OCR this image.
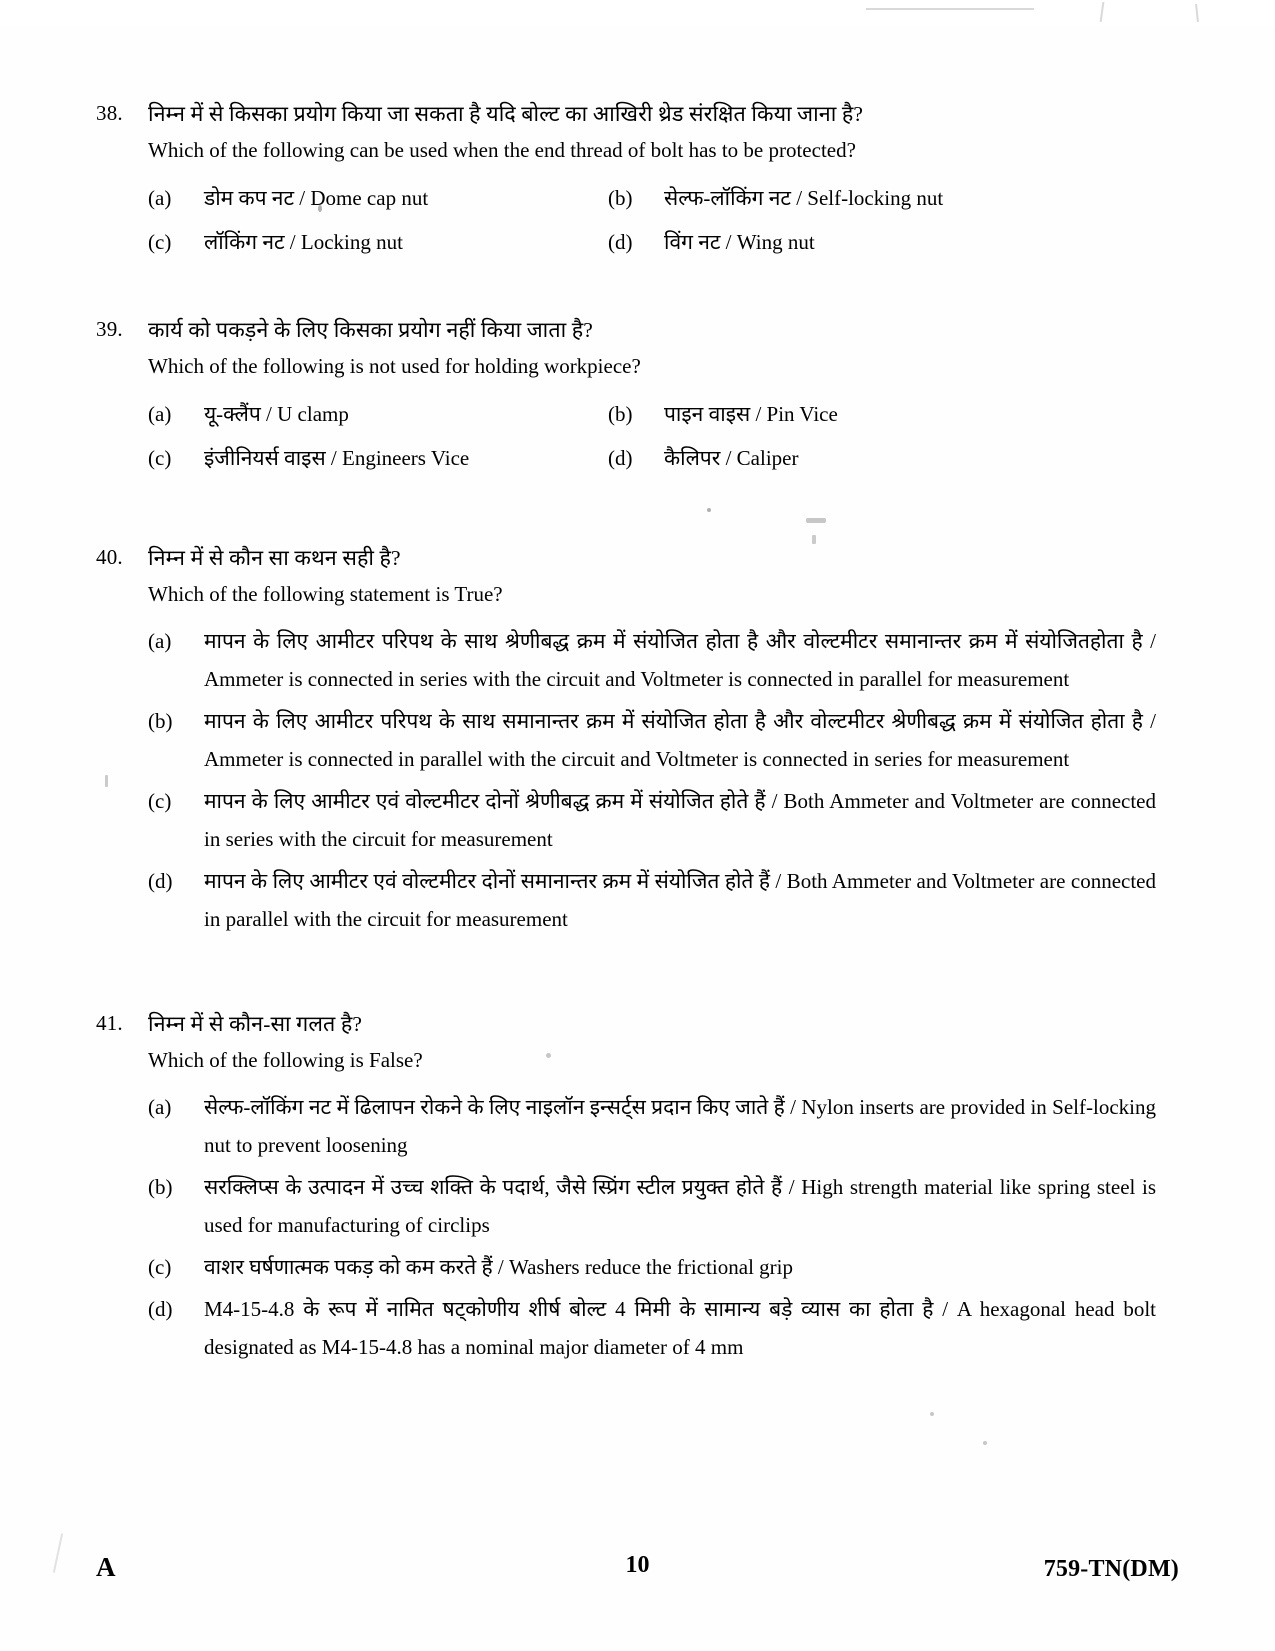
38.	निम्न में से किसका प्रयोग किया जा सकता है यदि बोल्ट का आखिरी थ्रेड संरक्षित किया जाना है?
Which of the following can be used when the end thread of bolt has to be protected?
(a)	डोम कप नट / Dome cap nut	(b)	सेल्फ-लॉकिंग नट / Self-locking nut
(c)	लॉकिंग नट / Locking nut	(d)	विंग नट / Wing nut
39.	कार्य को पकड़ने के लिए किसका प्रयोग नहीं किया जाता है?
Which of the following is not used for holding workpiece?
(a)	यू-क्लैंप / U clamp	(b)	पाइन वाइस / Pin Vice
(c)	इंजीनियर्स वाइस / Engineers Vice	(d)	कैलिपर / Caliper
40.	निम्न में से कौन सा कथन सही है?
Which of the following statement is True?
(a)	मापन के लिए आमीटर परिपथ के साथ श्रेणीबद्ध क्रम में संयोजित होता है और वोल्टमीटर समानान्तर क्रम में संयोजितहोता है / Ammeter is connected in series with the circuit and Voltmeter is connected in parallel for measurement
(b)	मापन के लिए आमीटर परिपथ के साथ समानान्तर क्रम में संयोजित होता है और वोल्टमीटर श्रेणीबद्ध क्रम में संयोजित होता है / Ammeter is connected in parallel with the circuit and Voltmeter is connected in series for measurement
(c)	मापन के लिए आमीटर एवं वोल्टमीटर दोनों श्रेणीबद्ध क्रम में संयोजित होते हैं / Both Ammeter and Voltmeter are connected in series with the circuit for measurement
(d)	मापन के लिए आमीटर एवं वोल्टमीटर दोनों समानान्तर क्रम में संयोजित होते हैं / Both Ammeter and Voltmeter are connected in parallel with the circuit for measurement
41.	निम्न में से कौन-सा गलत है?
Which of the following is False?
(a)	सेल्फ-लॉकिंग नट में ढिलापन रोकने के लिए नाइलॉन इन्सर्ट्स प्रदान किए जाते हैं / Nylon inserts are provided in Self-locking nut to prevent loosening
(b)	सरक्लिप्स के उत्पादन में उच्च शक्ति के पदार्थ, जैसे स्प्रिंग स्टील प्रयुक्त होते हैं / High strength material like spring steel is used for manufacturing of circlips
(c)	वाशर घर्षणात्मक पकड़ को कम करते हैं / Washers reduce the frictional grip
(d)	M4-15-4.8 के रूप में नामित षट्कोणीय शीर्ष बोल्ट 4 मिमी के सामान्य बड़े व्यास का होता है / A hexagonal head bolt designated as M4-15-4.8 has a nominal major diameter of 4 mm
A	10	759-TN(DM)
